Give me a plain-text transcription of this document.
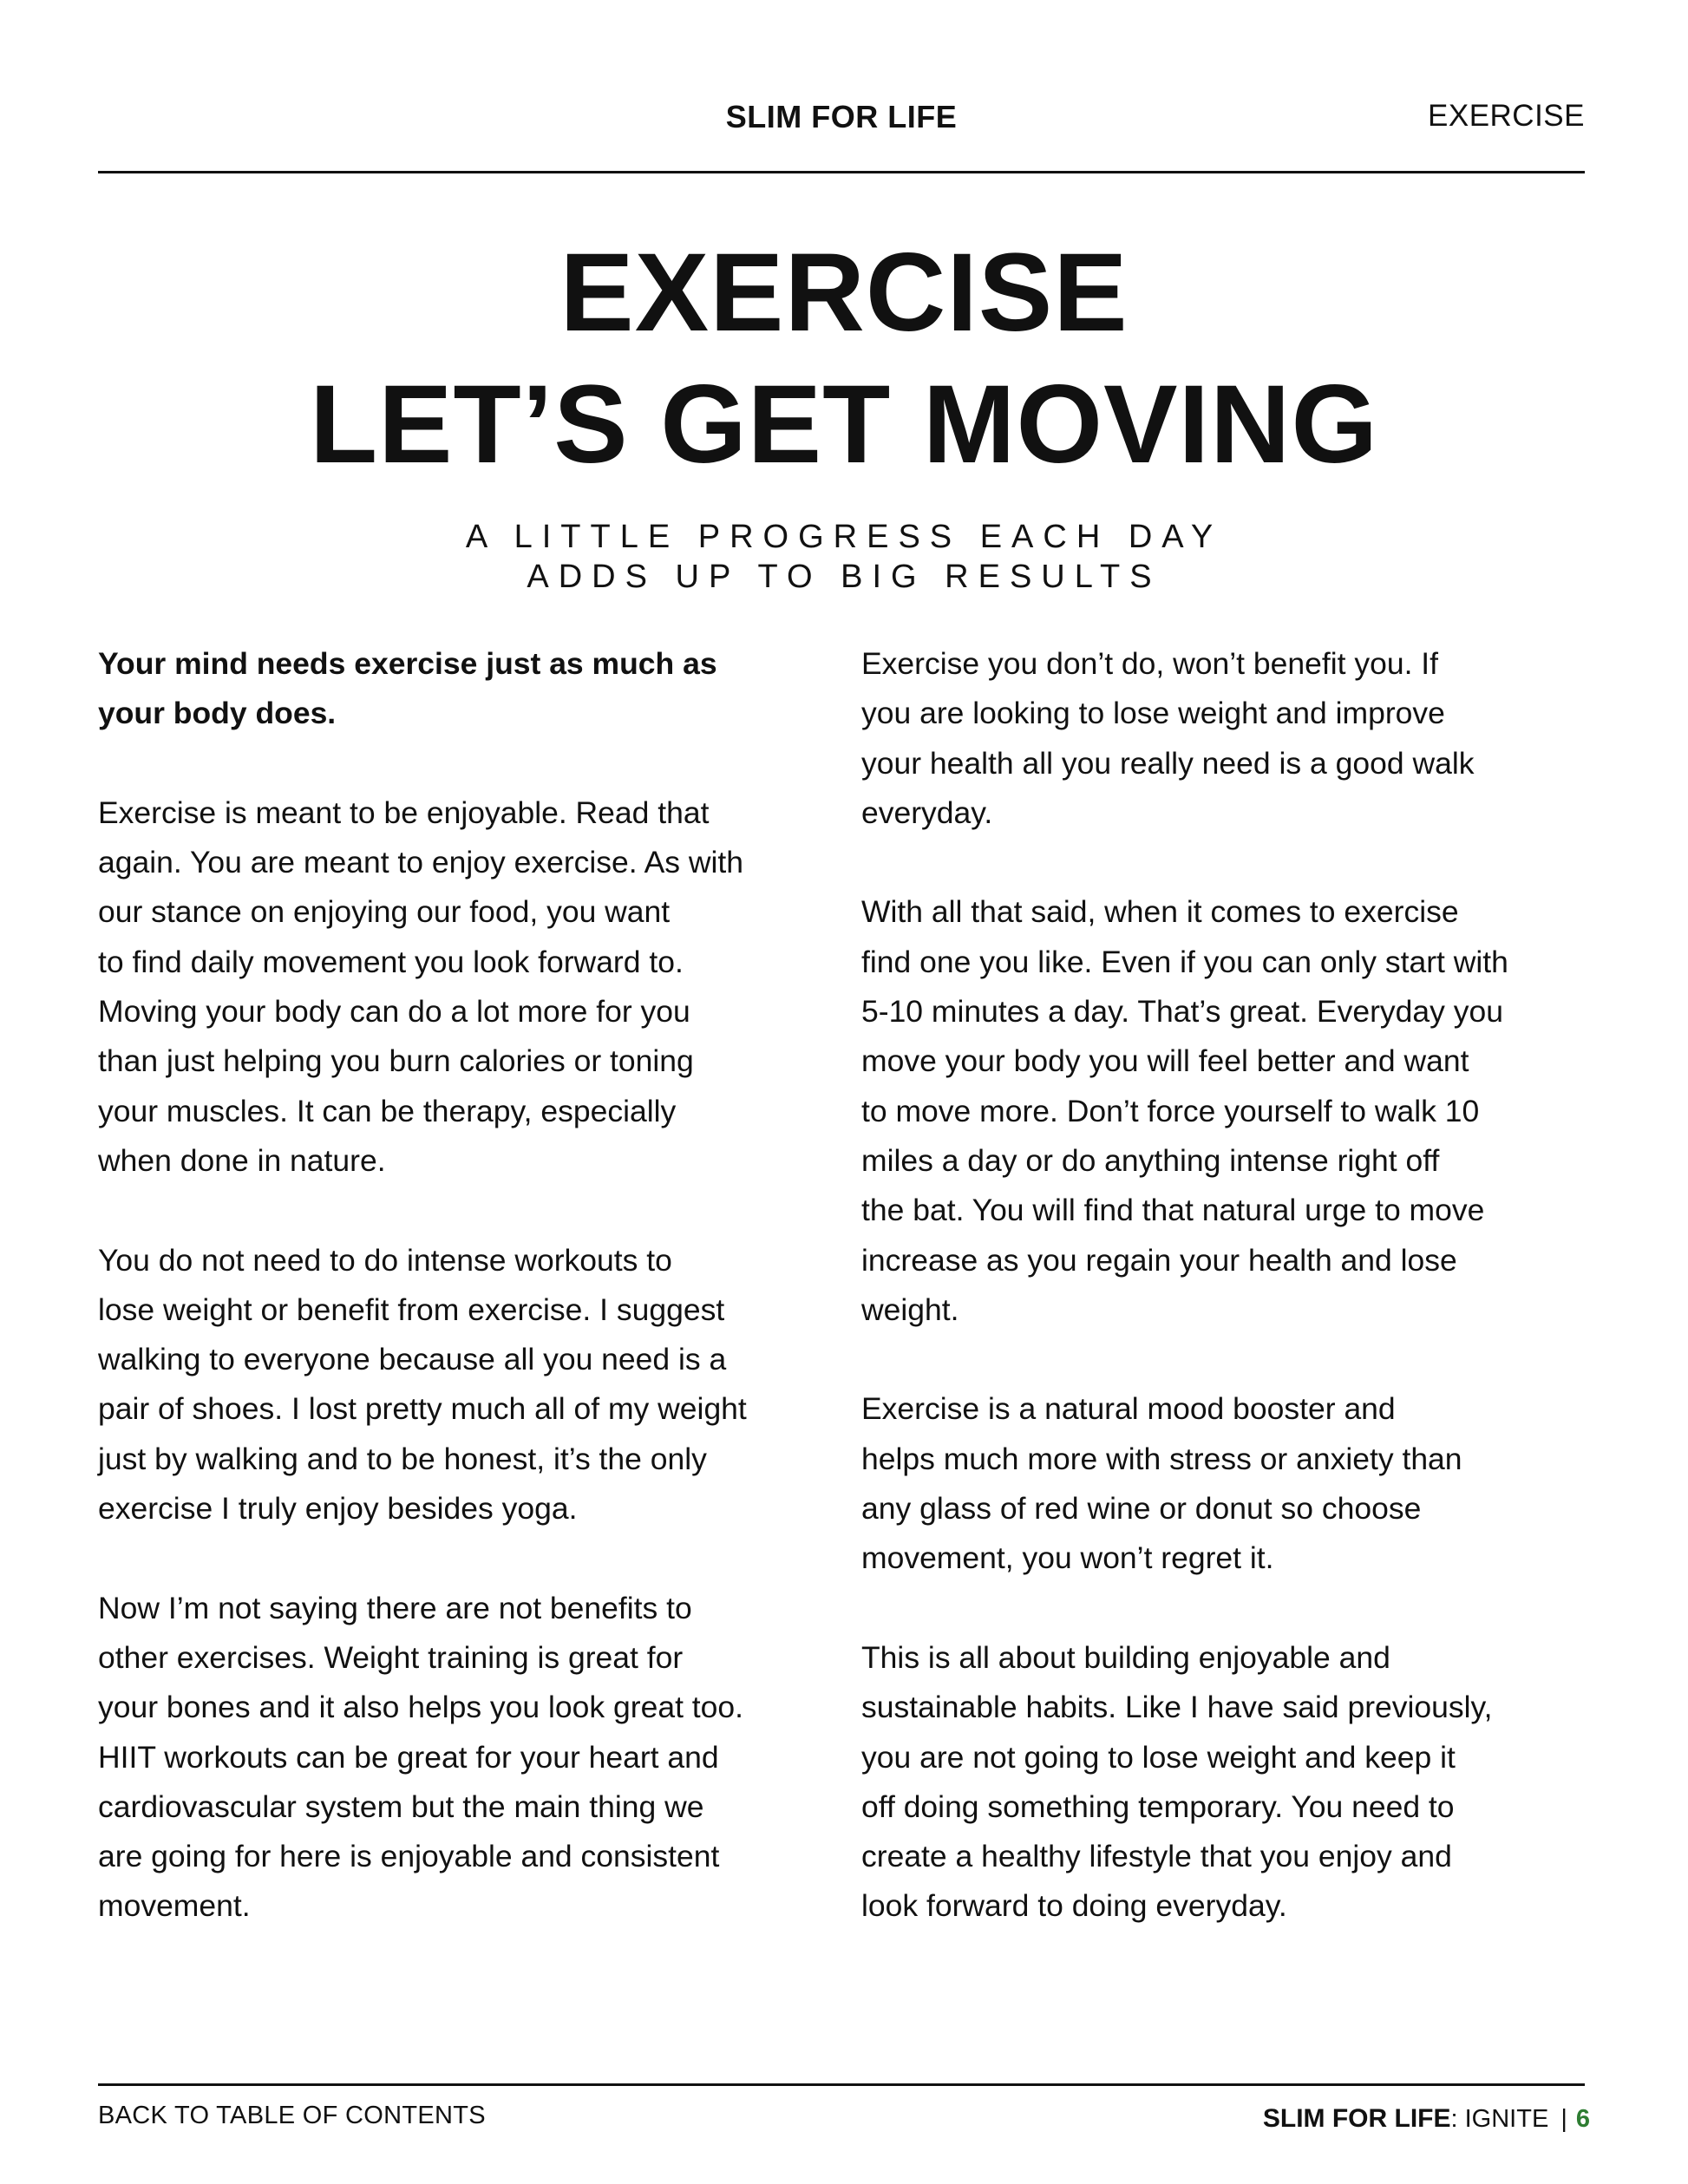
SLIM FOR LIFE	EXERCISE
EXERCISE
LET’S GET MOVING
A LITTLE PROGRESS EACH DAY
ADDS UP TO BIG RESULTS

Your mind needs exercise just as much as
your body does.

Exercise is meant to be enjoyable. Read that
again. You are meant to enjoy exercise. As with
our stance on enjoying our food, you want
to find daily movement you look forward to.
Moving your body can do a lot more for you
than just helping you burn calories or toning
your muscles. It can be therapy, especially
when done in nature.

You do not need to do intense workouts to
lose weight or benefit from exercise. I suggest
walking to everyone because all you need is a
pair of shoes. I lost pretty much all of my weight
just by walking and to be honest, it’s the only
exercise I truly enjoy besides yoga.

Now I’m not saying there are not benefits to
other exercises. Weight training is great for
your bones and it also helps you look great too.
HIIT workouts can be great for your heart and
cardiovascular system but the main thing we
are going for here is enjoyable and consistent
movement.

Exercise you don’t do, won’t benefit you. If
you are looking to lose weight and improve
your health all you really need is a good walk
everyday.

With all that said, when it comes to exercise
find one you like. Even if you can only start with
5-10 minutes a day. That’s great. Everyday you
move your body you will feel better and want
to move more. Don’t force yourself to walk 10
miles a day or do anything intense right off
the bat. You will find that natural urge to move
increase as you regain your health and lose
weight.

Exercise is a natural mood booster and
helps much more with stress or anxiety than
any glass of red wine or donut so choose
movement, you won’t regret it.

This is all about building enjoyable and
sustainable habits. Like I have said previously,
you are not going to lose weight and keep it
off doing something temporary. You need to
create a healthy lifestyle that you enjoy and
look forward to doing everyday.

BACK TO TABLE OF CONTENTS	SLIM FOR LIFE: IGNITE | 6
